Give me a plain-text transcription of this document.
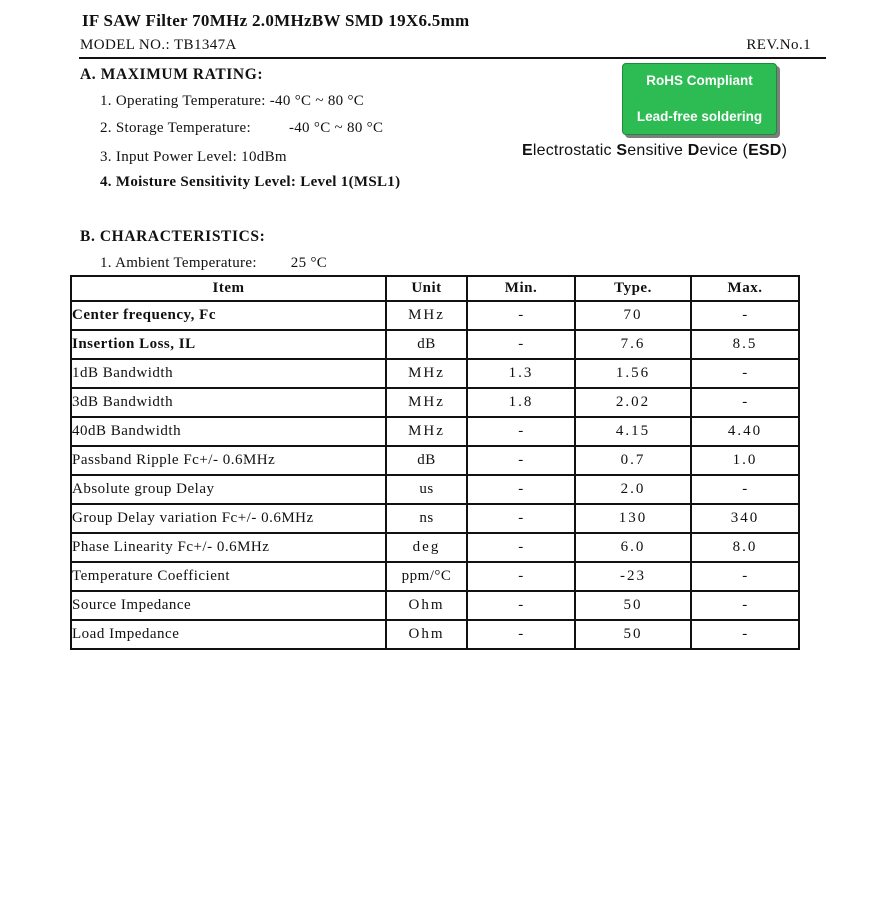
IF SAW Filter 70MHz 2.0MHzBW SMD 19X6.5mm
MODEL NO.: TB1347A	REV.No.1
A. MAXIMUM RATING:
1. Operating Temperature: -40 °C ~ 80 °C
2. Storage Temperature:	-40 °C ~ 80 °C
3. Input Power Level: 10dBm
4. Moisture Sensitivity Level: Level 1(MSL1)
RoHS Compliant
Lead-free soldering
Electrostatic Sensitive Device (ESD)
B. CHARACTERISTICS:
1. Ambient Temperature: 25 °C
Item	Unit	Min.	Type.	Max.
Center frequency, Fc	MHz	-	70	-
Insertion Loss, IL	dB	-	7.6	8.5
1dB Bandwidth	MHz	1.3	1.56	-
3dB Bandwidth	MHz	1.8	2.02	-
40dB Bandwidth	MHz	-	4.15	4.40
Passband Ripple Fc+/- 0.6MHz	dB	-	0.7	1.0
Absolute group Delay	us	-	2.0	-
Group Delay variation Fc+/- 0.6MHz	ns	-	130	340
Phase Linearity Fc+/- 0.6MHz	deg	-	6.0	8.0
Temperature Coefficient	ppm/°C	-	-23	-
Source Impedance	Ohm	-	50	-
Load Impedance	Ohm	-	50	-
